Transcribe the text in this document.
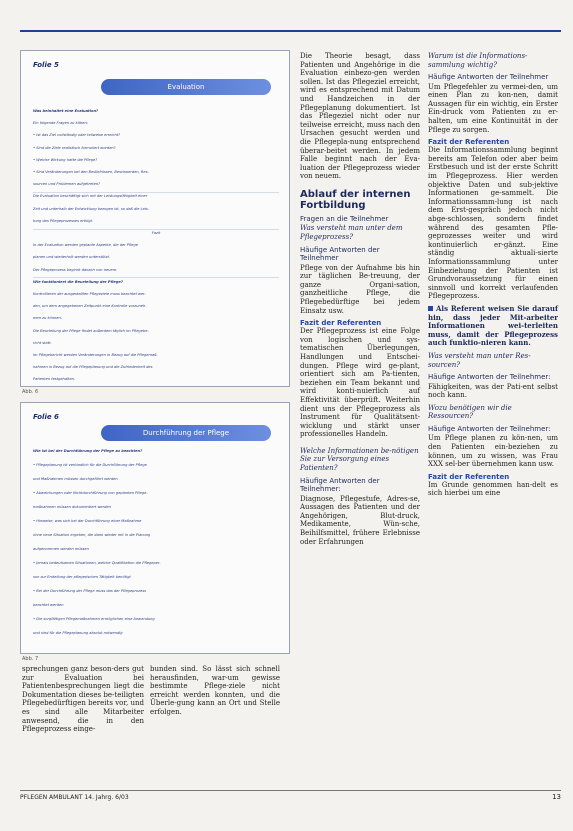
Folie 5
Evaluation
Was beinhaltet eine Evaluation?
Ein folgende Fragen zu klären:
• Ist das Ziel vollständig oder teilweise erreicht?
• Sind die Ziele realistisch formuliert worden?
• Welche Wirkung hatte die Pflege?
• Sind Veränderungen bei den Bedürfnissen, Beschwerden, Res-
sourcen und Problemen aufgetreten?
Die Evaluation beschäftigt sich mit der Leistungsfähigkeit einer
Zeit und unterhalb der Entwicklung bezogen ist, so daß die Leis-
tung des Pflegeprozesses erfolgt.
Fazit
In der Evaluation werden geplante Aspekte, die der Pflege
planen und wiederholt werden unterstützt.
Der Pflegeprozess beginnt danach von neuem.
Wie funktioniert die Beurteilung der Pflege?
Kontrollieren der ausgestellten Pflegeziele muss beachtet wer-
den, um dem angegebenen Zeitpunkt eine Kontrolle vorzuneh-
men zu können.
Die Beurteilung der Pflege findet außerdem täglich im Pflegebe-
richt statt.
Im Pflegebericht werden Veränderungen in Bezug auf die Pflegemaß-
nahmen in Bezug auf die Pflegeplanung und die Zufriedenheit des
Patienten festgehalten.
Abb. 6
Folie 6
Durchführung der Pflege
Wie ist bei der Durchführung der Pflege zu beachten?
• Pflegeplanung ist verbindlich für die Durchführung der Pflege
und Maßnahmen müssen durchgeführt werden
• Abweichungen oder Nichtdurchführung von geplanten Pflege-
maßnahmen müssen dokumentiert werden
• Hinweise, was sich bei der Durchführung einer Maßnahme
ohne neue Situation ergeben, die dann wieder mit in die Planung
aufgenommen werden müssen
• Jemals bedeutsamen Situationen, welche Qualifikation die Pflegeper-
son zur Erstellung der pflegerischen Tätigkeit benötigt
• Bei der Durchführung der Pflege muss das der Pflegeprozess
beachtet werden
• Die sorgfältigen Pflegemaßnahmen ermöglichen eine Anwendung
und sind für die Pflegeplanung absolut notwendig
Abb. 7

sprechungen ganz beson-ders gut zur Evaluation bei Patientenbesprechungen liegt die Dokumentation dieses be-teiligten Pflegebedürftigen bereits vor, und es sind alle Mitarbeiter anwesend, die in den Pflegeprozess einge-

bunden sind. So lässt sich schnell herausfinden, war-um gewisse bestimmte Pflege-ziele nicht erreicht werden konnten, und die Überle-gung kann an Ort und Stelle erfolgen.

Die Theorie besagt, dass Patienten und Angehörige in die Evaluation einbezo-gen werden sollen. Ist das Pflegeziel erreicht, wird es entsprechend mit Datum und Handzeichen in der Pflegeplanung dokumentiert. Ist das Pflegeziel nicht oder nur teilweise erreicht, muss nach den Ursachen gesucht werden und die Pflegepla-nung entsprechend überar-beitet werden. In jedem Falle beginnt nach der Eva-luation der Pflegeprozess wieder von neuem.

Ablauf der internen Fortbildung
Fragen an die Teilnehmer
Was versteht man unter dem Pflegeprozess?
Häufige Antworten der Teilnehmer

Pflege von der Aufnahme bis hin zur täglichen Be-treuung, der ganze Organi-sation, ganzheitliche Pflege, die Pflegebedürftige bei jedem Einsatz usw.

Fazit der Referenten

Der Pflegeprozess ist eine Folge von logischen und sys-tematischen Überlegungen, Handlungen und Entschei-dungen. Pflege wird ge-plant, orientiert sich am Pa-tienten, beziehen ein Team bekannt und wird konti-nuierlich auf Effektivität überprüft. Weiterhin dient uns der Pflegeprozess als Instrument für Qualitätsent-wicklung und stärkt unser professionelles Handeln.

Welche Informationen be-nötigen Sie zur Versorgung eines Patienten?
Häufige Antworten der Teilnehmer:

Diagnose, Pflegestufe, Adres-se, Aussagen des Patienten und der Angehörigen, Blut-druck, Medikamente, Wün-sche, Beihilfsmittel, frühere Erlebnisse oder Erfahrungen

Warum ist die Informations-sammlung wichtig?
Häufige Antworten der Teilnehmer

Um Pflegefehler zu vermei-den, um einen Plan zu kon-nen, damit Aussagen für ein wichtig, ein Erster Ein-druck vom Patienten zu er-halten, um eine Kontinuität in der Pflege zu sorgen.

Fazit der Referenten

Die Informationssammlung beginnt bereits am Telefon oder aber beim Erstbesuch und ist der erste Schritt im Pflegeprozess. Hier werden objektive Daten und sub-jektive Informationen ge-sammelt. Die Informationssamm-lung ist nach dem Erst-gespräch jedoch nicht abge-schlossen, sondern findet während des gesamten Pfle-geprozesses weiter und wird kontinuierlich er-gänzt. Eine ständig aktuali-sierte Informationssammlung unter Einbeziehung der Patienten ist Grundvoraussetzung für einen sinnvoll und korrekt verlaufenden Pflegeprozess.

Als Referent weisen Sie darauf hin, dass jeder Mit-arbeiter Informationen wei-terleiten muss, damit der Pflegeprozess auch funktio-nieren kann.

Was versteht man unter Res-sourcen?
Häufige Antworten der Teilnehmer:

Fähigkeiten, was der Pati-ent selbst noch kann.

Wozu benötigen wir die Ressourcen?
Häufige Antworten der Teilnehmer:

Um Pflege planen zu kön-nen, um den Patienten ein-beziehen zu können, um zu wissen, was Frau XXX sel-ber übernehmen kann usw.

Fazit der Referenten

Im Grunde genommen han-delt es sich hierbei um eine

PFLEGEN AMBULANT 14. Jahrg. 6/03	13
